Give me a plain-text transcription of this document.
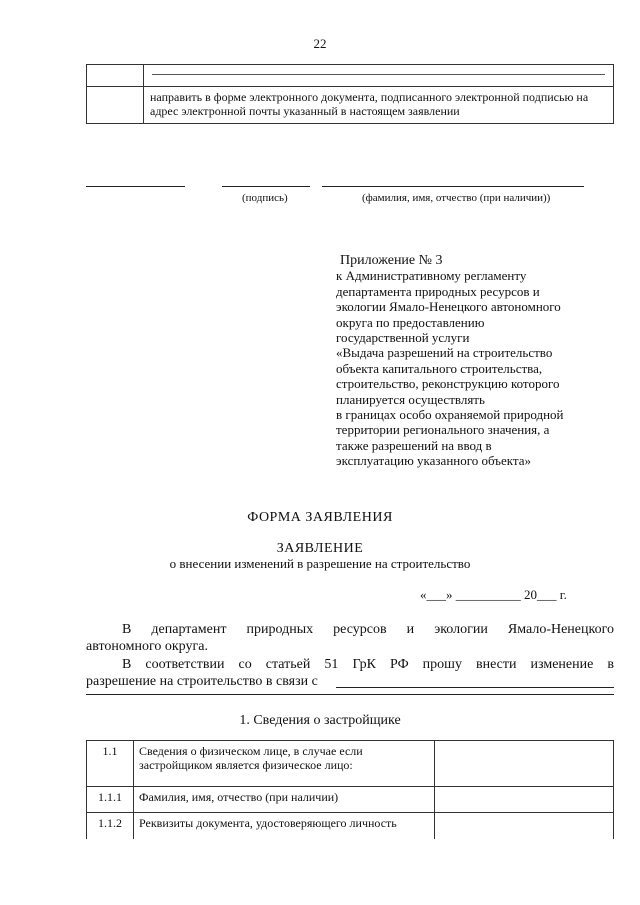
22

	направить в форме электронного документа, подписанного электронной подписью на адрес электронной почты указанный в настоящем заявлении
(подпись)	(фамилия, имя, отчество (при наличии))
Приложение № 3
к Административному регламенту
департамента природных ресурсов и
экологии Ямало-Ненецкого автономного
округа по предоставлению
государственной услуги
«Выдача разрешений на строительство
объекта капитального строительства,
строительство, реконструкцию которого
планируется осуществлять
в границах особо охраняемой природной
территории регионального значения, а
также разрешений на ввод в
эксплуатацию указанного объекта»
ФОРМА ЗАЯВЛЕНИЯ
ЗАЯВЛЕНИЕ
о внесении изменений в разрешение на строительство
«___» __________ 20___ г.
В департамент природных ресурсов и экологии Ямало-Ненецкого
автономного округа.
В соответствии со статьей 51 ГрК РФ прошу внести изменение в
разрешение на строительство в связи с
1. Сведения о застройщике
1.1	Сведения о физическом лице, в случае если застройщиком является физическое лицо:	
1.1.1	Фамилия, имя, отчество (при наличии)	
1.1.2	Реквизиты документа, удостоверяющего личность	
